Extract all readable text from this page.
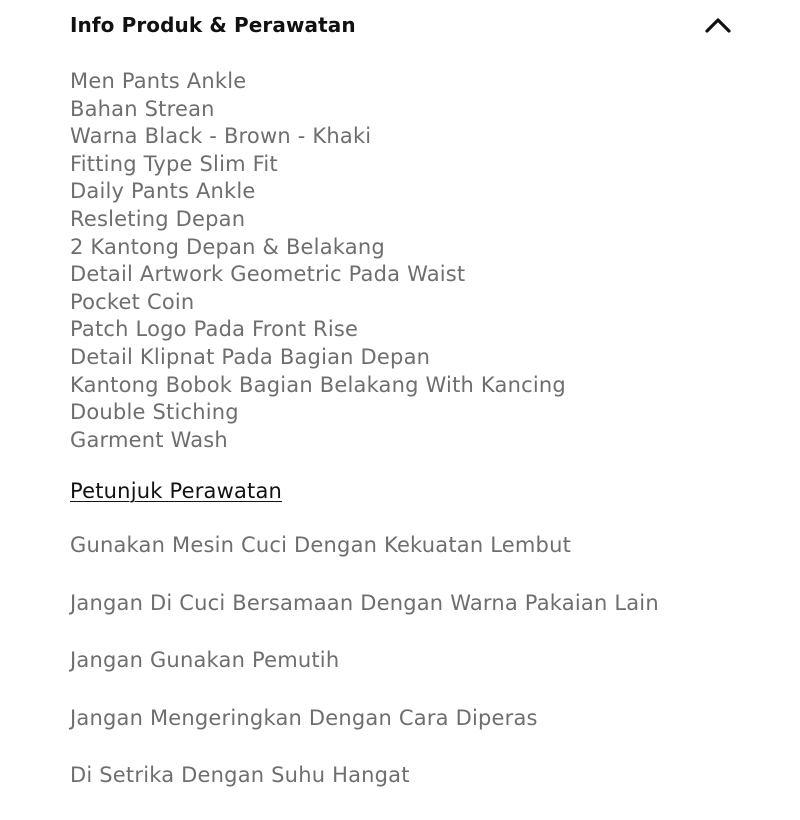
Info Produk & Perawatan
Men Pants Ankle
Bahan Strean
Warna Black - Brown - Khaki
Fitting Type Slim Fit
Daily Pants Ankle
Resleting Depan
2 Kantong Depan & Belakang
Detail Artwork Geometric Pada Waist
Pocket Coin
Patch Logo Pada Front Rise
Detail Klipnat Pada Bagian Depan
Kantong Bobok Bagian Belakang With Kancing
Double Stiching
Garment Wash
Petunjuk Perawatan
Gunakan Mesin Cuci Dengan Kekuatan Lembut
Jangan Di Cuci Bersamaan Dengan Warna Pakaian Lain
Jangan Gunakan Pemutih
Jangan Mengeringkan Dengan Cara Diperas
Di Setrika Dengan Suhu Hangat
